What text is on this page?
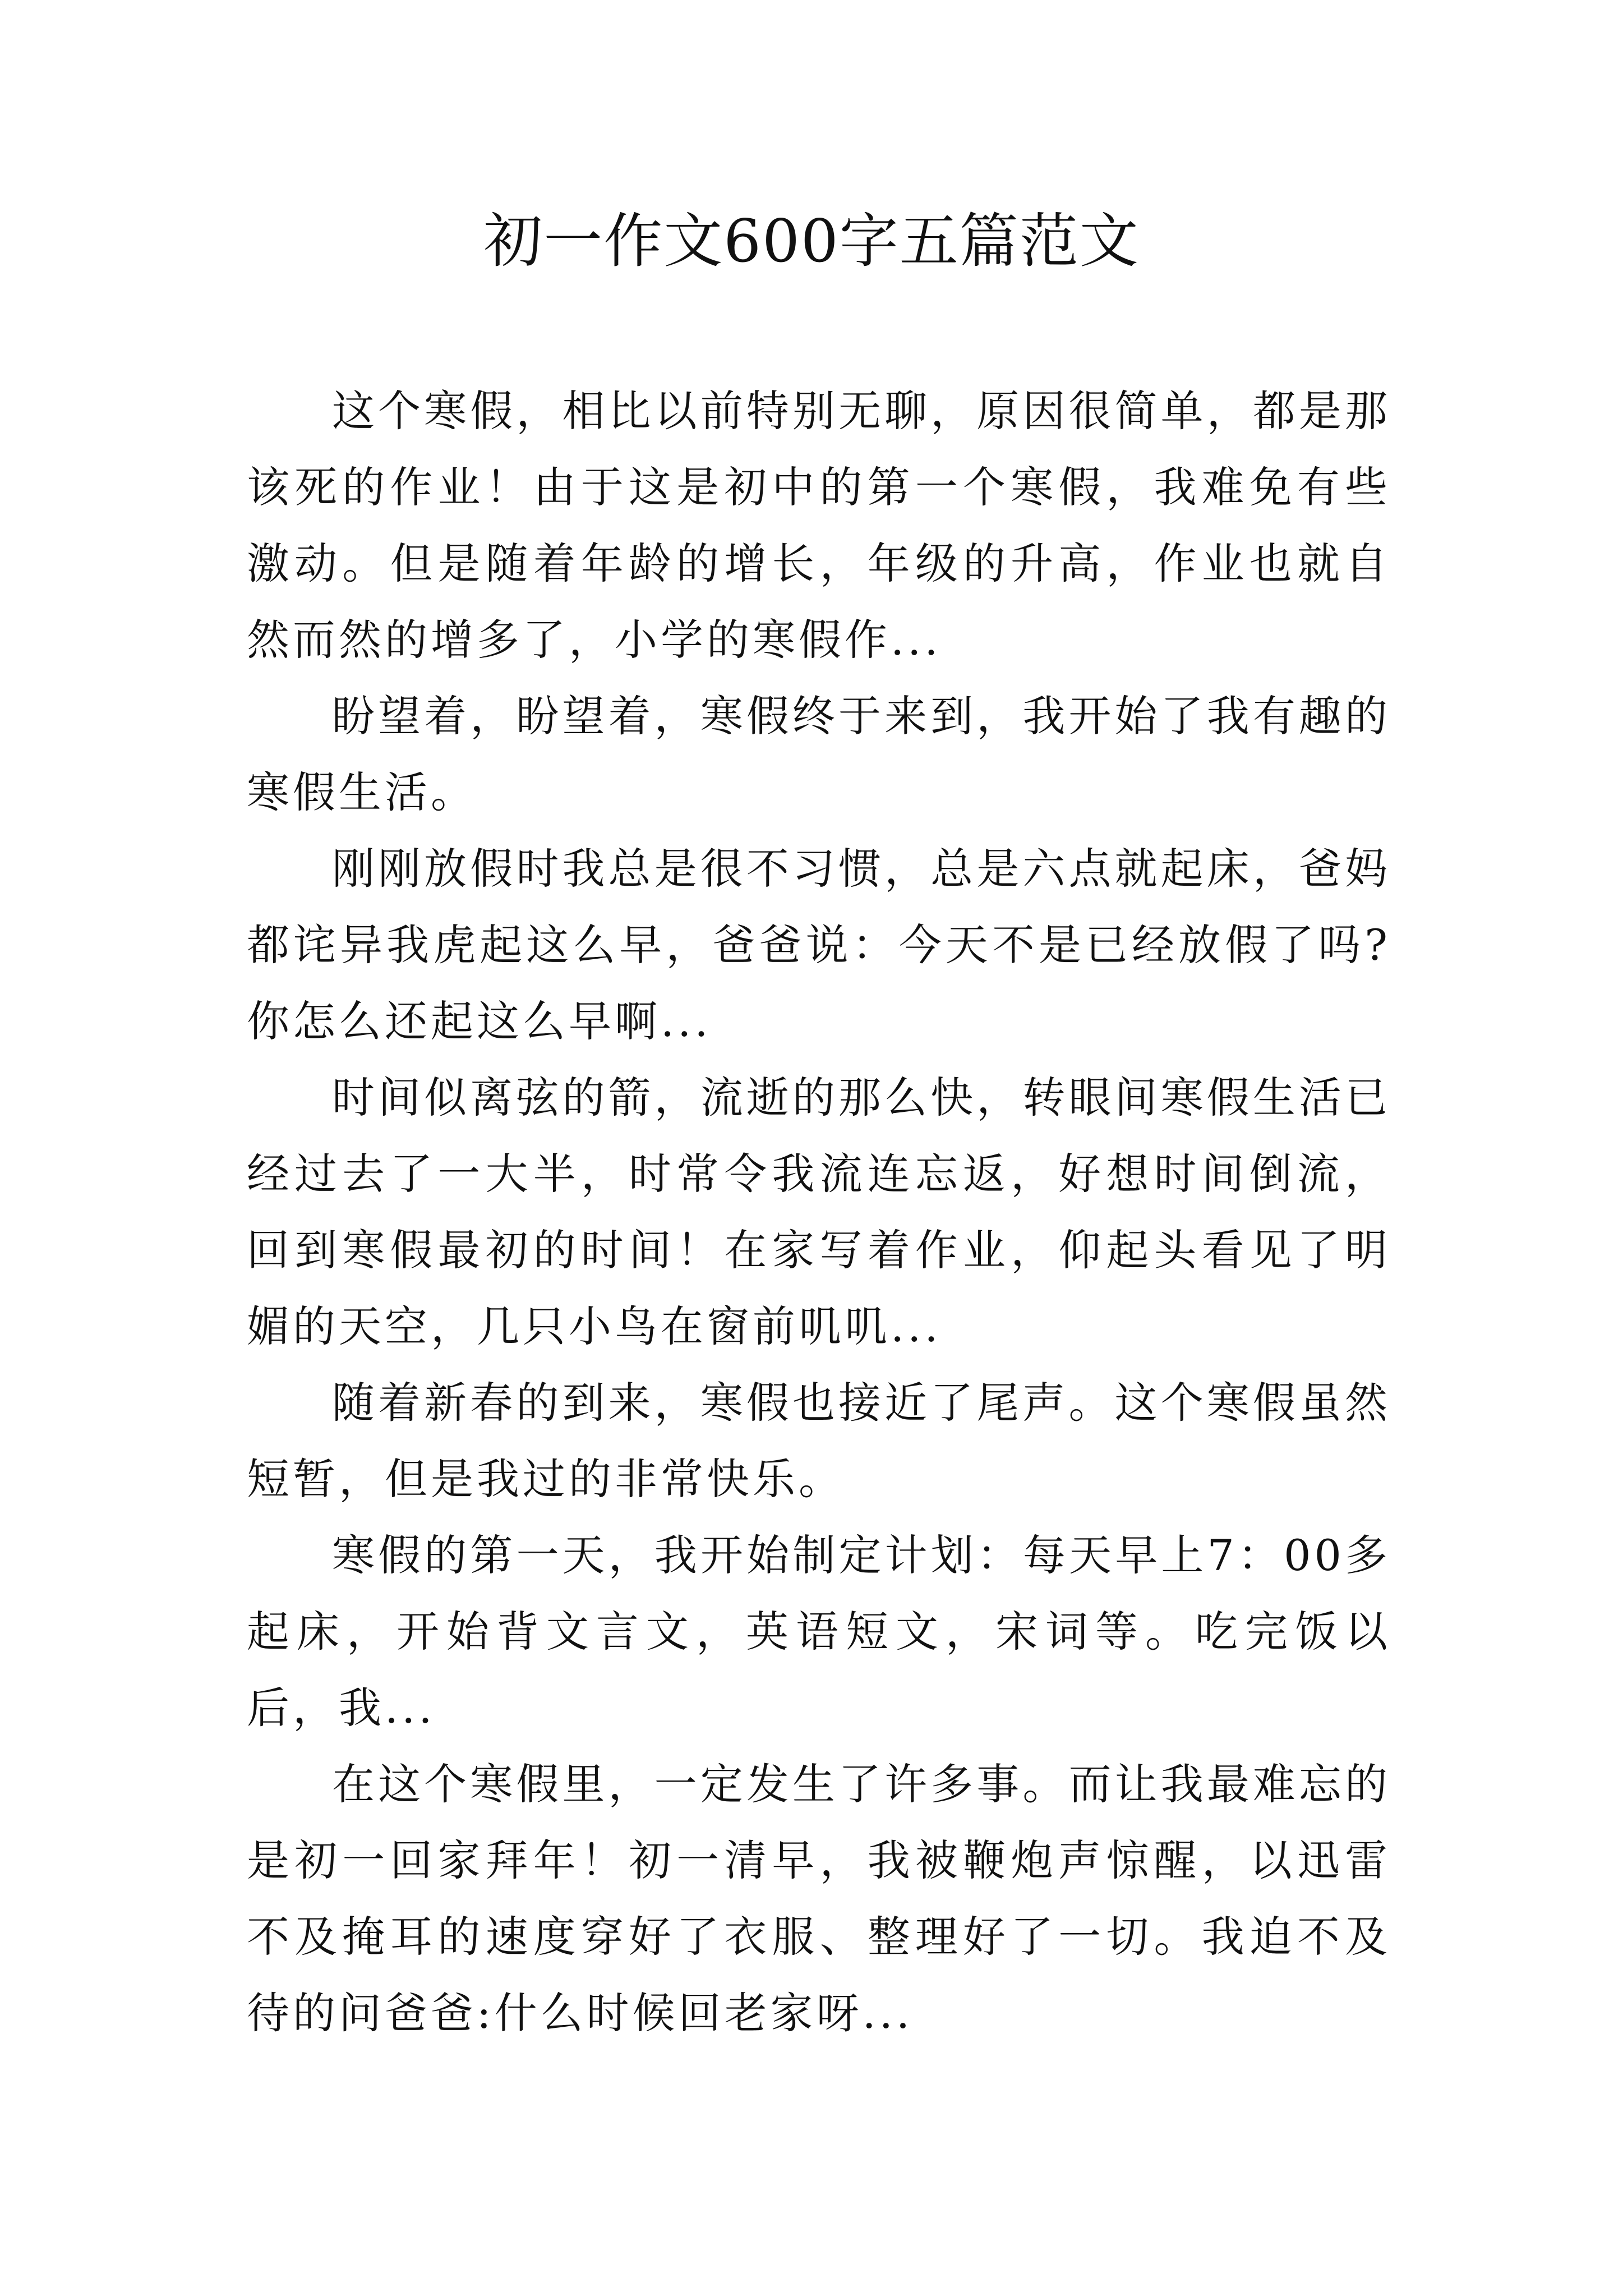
初一作文600字五篇范文

这个寒假，相比以前特别无聊，原因很简单，都是那该死的作业！由于这是初中的第一个寒假，我难免有些激动。但是随着年龄的增长，年级的升高，作业也就自然而然的增多了，小学的寒假作...

盼望着，盼望着，寒假终于来到，我开始了我有趣的寒假生活。

刚刚放假时我总是很不习惯，总是六点就起床，爸妈都诧异我虎起这么早，爸爸说：今天不是已经放假了吗?你怎么还起这么早啊...

时间似离弦的箭，流逝的那么快，转眼间寒假生活已经过去了一大半，时常令我流连忘返，好想时间倒流，回到寒假最初的时间！在家写着作业，仰起头看见了明媚的天空，几只小鸟在窗前叽叽...

随着新春的到来，寒假也接近了尾声。这个寒假虽然短暂，但是我过的非常快乐。

寒假的第一天，我开始制定计划：每天早上7：00多起床，开始背文言文，英语短文，宋词等。吃完饭以后，我...

在这个寒假里，一定发生了许多事。而让我最难忘的是初一回家拜年！初一清早，我被鞭炮声惊醒，以迅雷不及掩耳的速度穿好了衣服、整理好了一切。我迫不及待的问爸爸:什么时候回老家呀...
